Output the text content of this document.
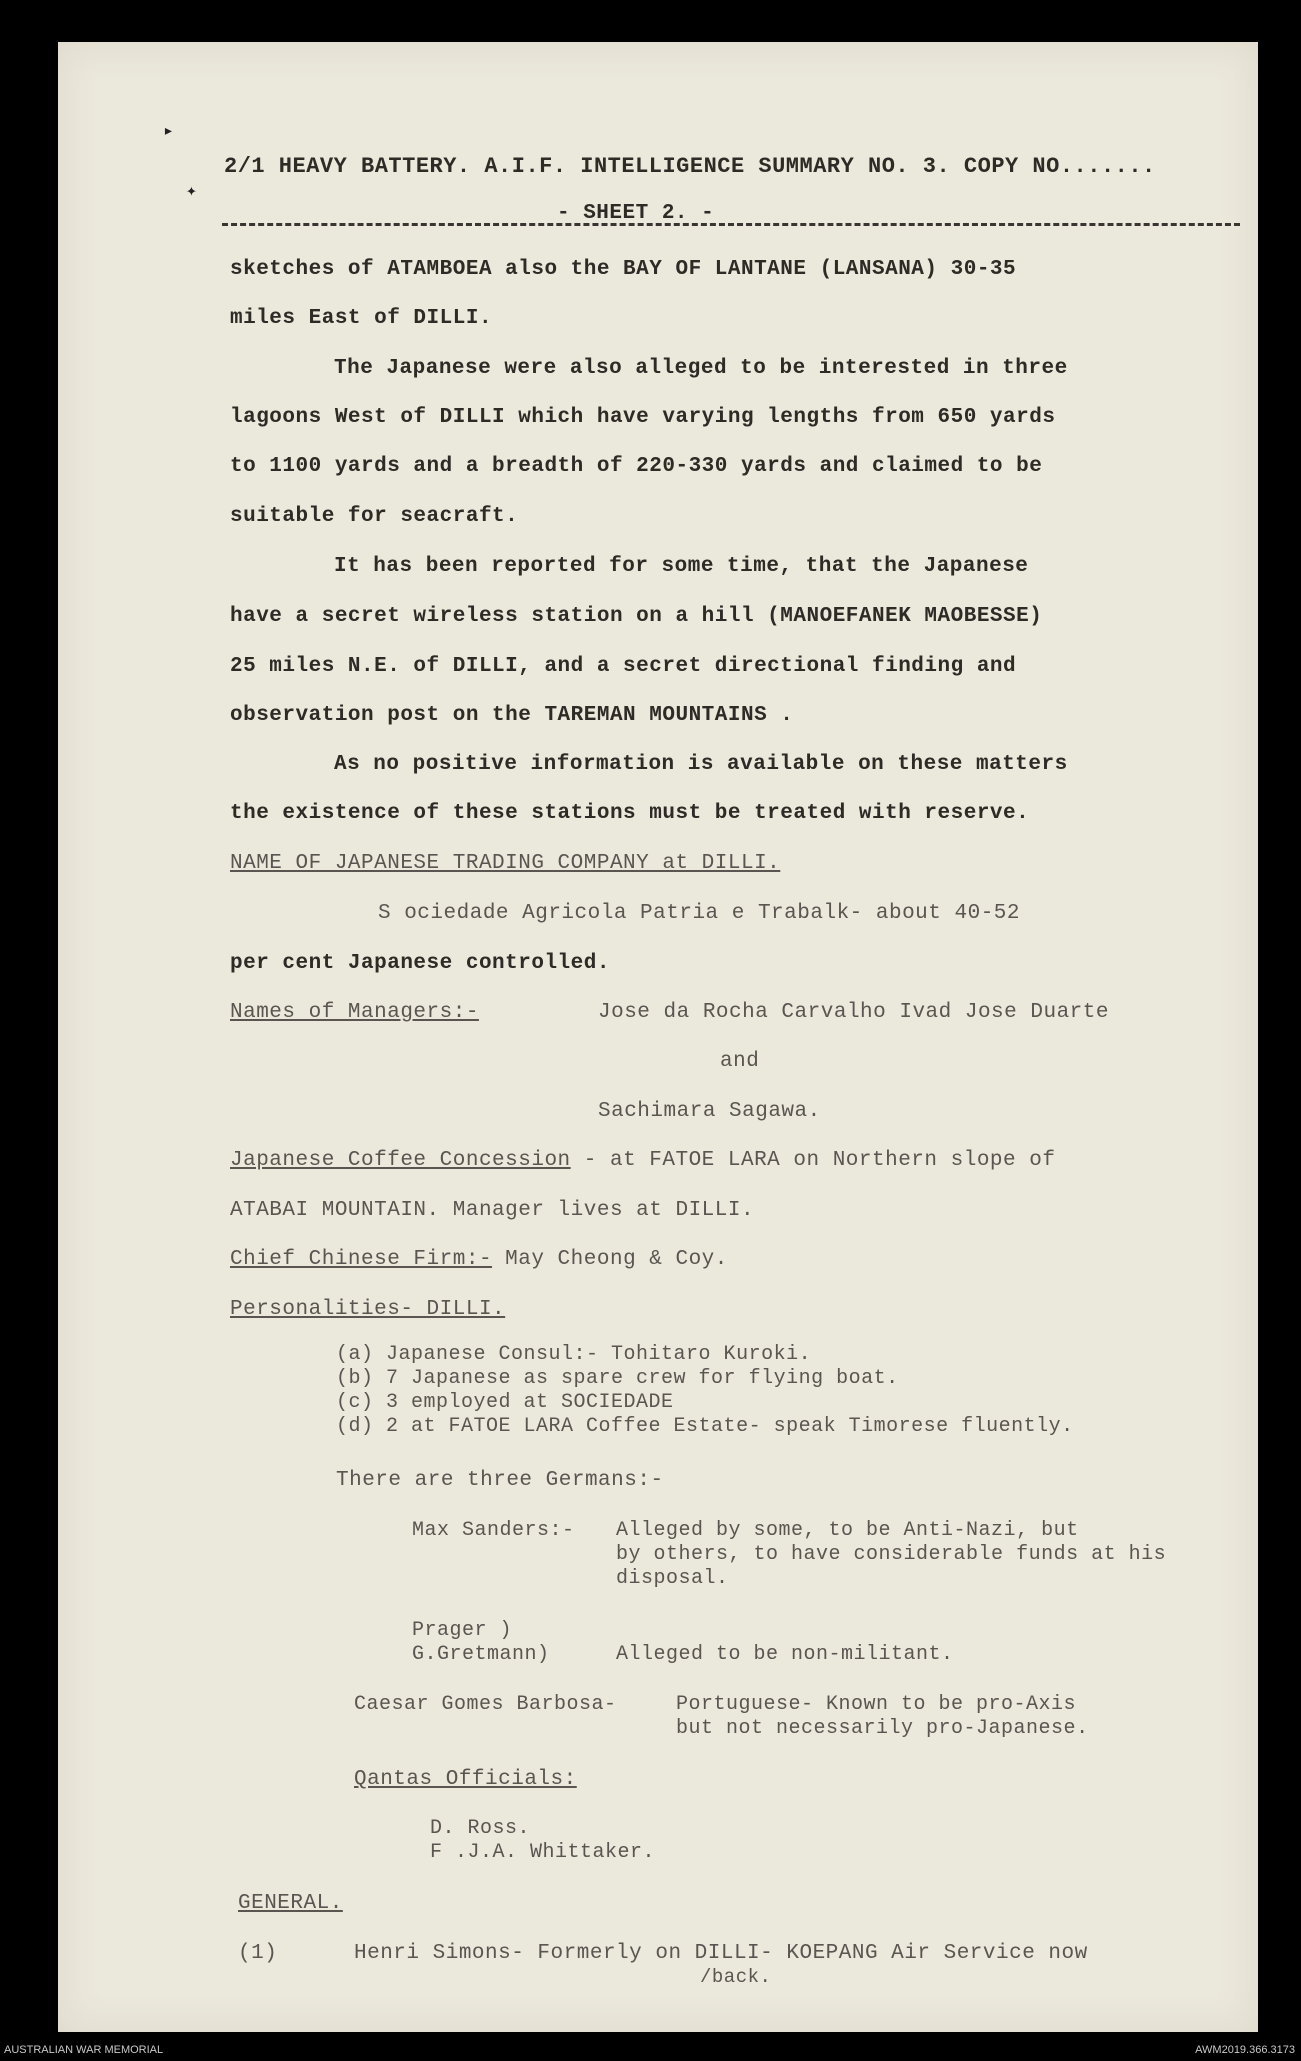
▸
✦
2/1 HEAVY BATTERY. A.I.F. INTELLIGENCE SUMMARY NO. 3. COPY NO.......
- SHEET 2. -
sketches of ATAMBOEA also the BAY OF LANTANE (LANSANA) 30-35
miles East of DILLI.
The Japanese were also alleged to be interested in three
lagoons West of DILLI which have varying lengths from 650 yards
to 1100 yards and a breadth of 220-330 yards and claimed to be
suitable for seacraft.
It has been reported for some time, that the Japanese
have a secret wireless station on a hill (MANOEFANEK MAOBESSE)
25 miles N.E. of DILLI, and a secret directional finding and
observation post on the TAREMAN MOUNTAINS .
As no positive information is available on these matters
the existence of these stations must be treated with reserve.
NAME OF JAPANESE TRADING COMPANY at DILLI.
S ociedade Agricola Patria e Trabalk- about 40-52
per cent Japanese controlled.
Names of Managers:-	Jose da Rocha Carvalho Ivad Jose Duarte
and
Sachimara Sagawa.
Japanese Coffee Concession - at FATOE LARA on Northern slope of
ATABAI MOUNTAIN. Manager lives at DILLI.
Chief Chinese Firm:- May Cheong & Coy.
Personalities- DILLI.
(a) Japanese Consul:- Tohitaro Kuroki.
(b) 7 Japanese as spare crew for flying boat.
(c) 3 employed at SOCIEDADE
(d) 2 at FATOE LARA Coffee Estate- speak Timorese fluently.
There are three Germans:-
Max Sanders:- Alleged by some, to be Anti-Nazi, but
by others, to have considerable funds at his
disposal.
Prager )
G.Gretmann)	Alleged to be non-militant.
Caesar Gomes Barbosa-	Portuguese- Known to be pro-Axis
but not necessarily pro-Japanese.
Qantas Officials:
D. Ross.
F .J.A. Whittaker.
GENERAL.
(1)	Henri Simons- Formerly on DILLI- KOEPANG Air Service now
/back.
AUSTRALIAN WAR MEMORIAL	AWM2019.366.3173
